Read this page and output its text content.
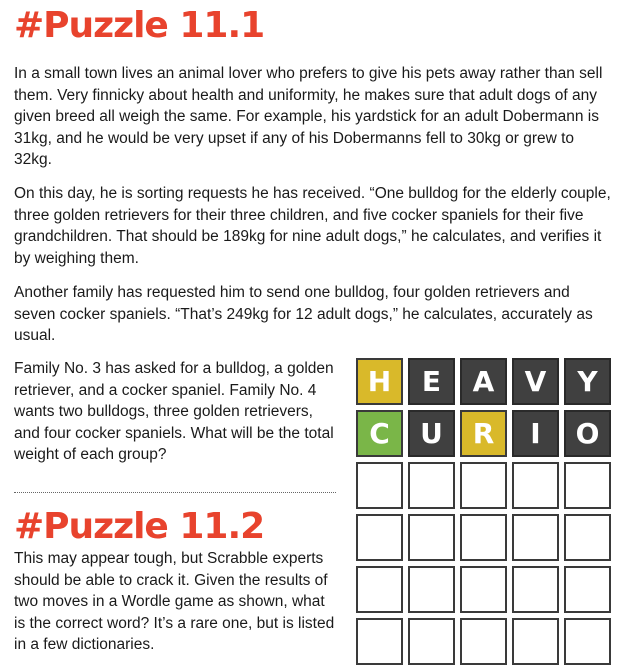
#Puzzle 11.1

In a small town lives an animal lover who prefers to give his pets away rather than sell them. Very finnicky about health and uniformity, he makes sure that adult dogs of any given breed all weigh the same. For example, his yardstick for an adult Dobermann is 31kg, and he would be very upset if any of his Dobermanns fell to 30kg or grew to 32kg.

On this day, he is sorting requests he has received. “One bulldog for the elderly couple, three golden retrievers for their three children, and five cocker spaniels for their five grandchildren. That should be 189kg for nine adult dogs,” he calculates, and verifies it by weighing them.

Another family has requested him to send one bulldog, four golden retrievers and seven cocker spaniels. “That’s 249kg for 12 adult dogs,” he calculates, accurately as usual.

Family No. 3 has asked for a bulldog, a golden retriever, and a cocker spaniel. Family No. 4 wants two bulldogs, three golden retrievers, and four cocker spaniels. What will be the total weight of each group?

#Puzzle 11.2

This may appear tough, but Scrabble experts should be able to crack it. Given the results of two moves in a Wordle game as shown, what is the correct word? It’s a rare one, but is listed in a few dictionaries.

H	E	A	V	Y
C	U	R	I	O
